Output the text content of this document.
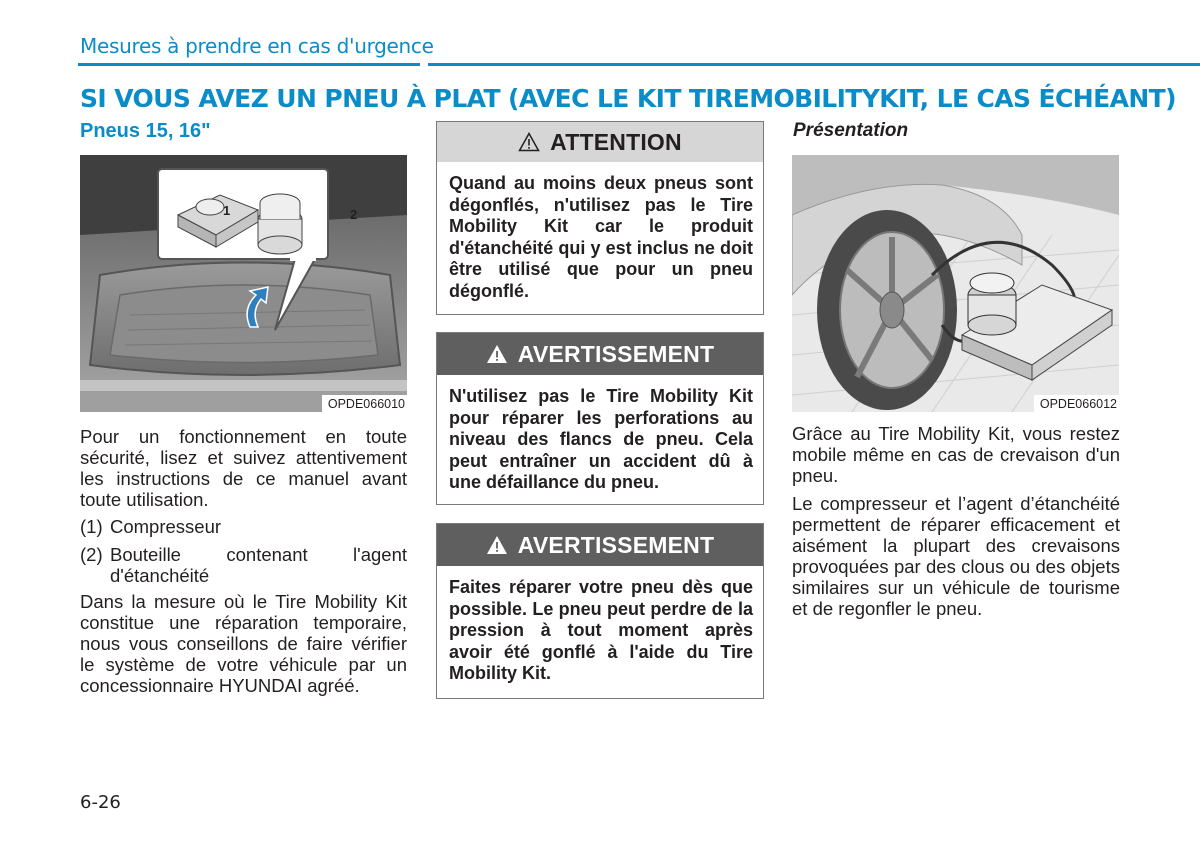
Mesures à prendre en cas d'urgence
SI VOUS AVEZ UN PNEU À PLAT (AVEC LE KIT TIREMOBILITYKIT, LE CAS ÉCHÉANT)
Pneus 15, 16"
1	2
OPDE066010
Pour un fonctionnement en toute sécurité, lisez et suivez attentivement les instructions de ce manuel avant toute utilisation.
(1) Compresseur
(2) Bouteille contenant l'agent d'étanchéité
Dans la mesure où le Tire Mobility Kit constitue une réparation temporaire, nous vous conseillons de faire vérifier le système de votre véhicule par un concessionnaire HYUNDAI agréé.
ATTENTION
Quand au moins deux pneus sont dégonflés, n'utilisez pas le Tire Mobility Kit car le produit d'étanchéité qui y est inclus ne doit être utilisé que pour un pneu dégonflé.
AVERTISSEMENT
N'utilisez pas le Tire Mobility Kit pour réparer les perforations au niveau des flancs de pneu. Cela peut entraîner un accident dû à une défaillance du pneu.
AVERTISSEMENT
Faites réparer votre pneu dès que possible. Le pneu peut perdre de la pression à tout moment après avoir été gonflé à l'aide du Tire Mobility Kit.
Présentation
OPDE066012
Grâce au Tire Mobility Kit, vous restez mobile même en cas de crevaison d'un pneu.
Le compresseur et l’agent d’étanchéité permettent de réparer efficacement et aisément la plupart des crevaisons provoquées par des clous ou des objets similaires sur un véhicule de tourisme et de regonfler le pneu.
6-26
